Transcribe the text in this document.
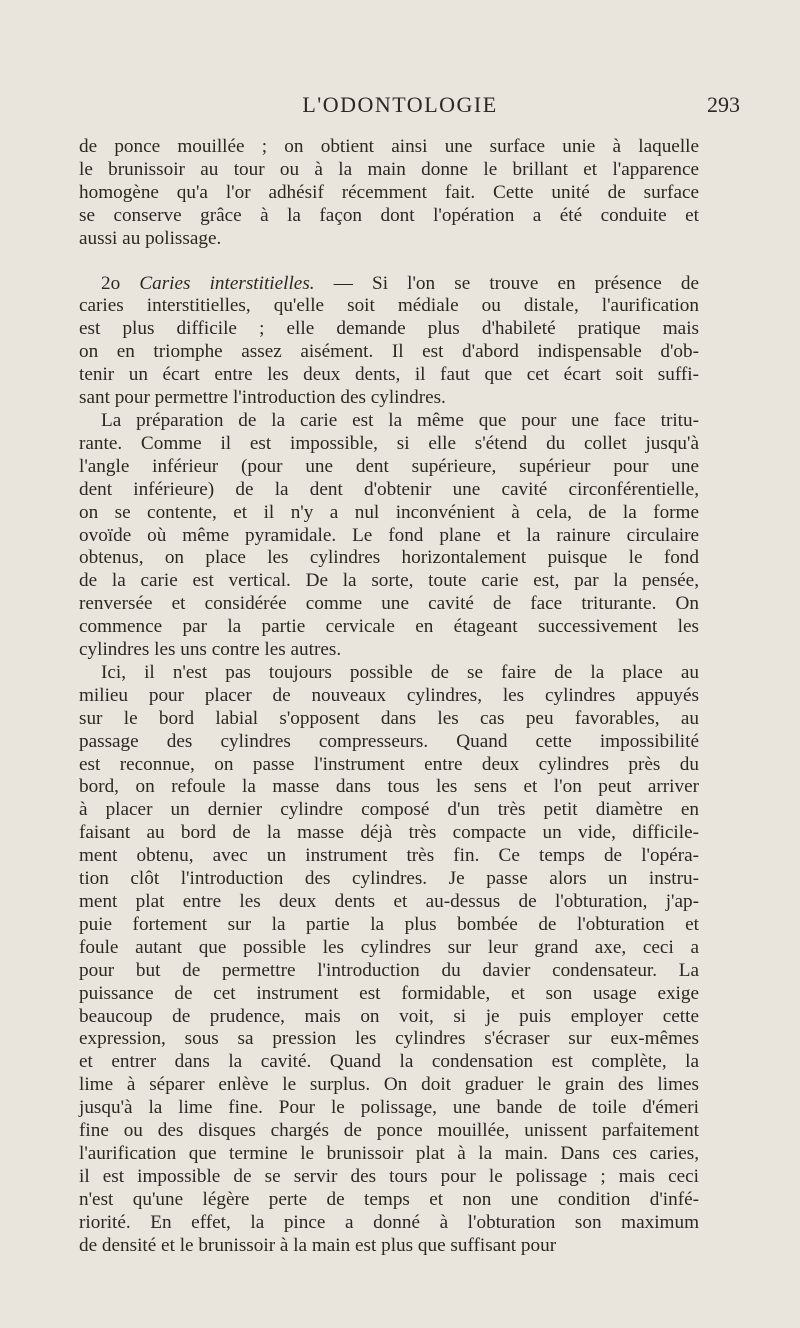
L'ODONTOLOGIE	293
de ponce mouillée ; on obtient ainsi une surface unie à laquelle
le brunissoir au tour ou à la main donne le brillant et l'apparence
homogène qu'a l'or adhésif récemment fait. Cette unité de surface
se conserve grâce à la façon dont l'opération a été conduite et
aussi au polissage.
2o Caries interstitielles. — Si l'on se trouve en présence de
caries interstitielles, qu'elle soit médiale ou distale, l'aurification
est plus difficile ; elle demande plus d'habileté pratique mais
on en triomphe assez aisément. Il est d'abord indispensable d'ob-
tenir un écart entre les deux dents, il faut que cet écart soit suffi-
sant pour permettre l'introduction des cylindres.
La préparation de la carie est la même que pour une face tritu-
rante. Comme il est impossible, si elle s'étend du collet jusqu'à
l'angle inférieur (pour une dent supérieure, supérieur pour une
dent inférieure) de la dent d'obtenir une cavité circonférentielle,
on se contente, et il n'y a nul inconvénient à cela, de la forme
ovoïde où même pyramidale. Le fond plane et la rainure circulaire
obtenus, on place les cylindres horizontalement puisque le fond
de la carie est vertical. De la sorte, toute carie est, par la pensée,
renversée et considérée comme une cavité de face triturante. On
commence par la partie cervicale en étageant successivement les
cylindres les uns contre les autres.
Ici, il n'est pas toujours possible de se faire de la place au
milieu pour placer de nouveaux cylindres, les cylindres appuyés
sur le bord labial s'opposent dans les cas peu favorables, au
passage des cylindres compresseurs. Quand cette impossibilité
est reconnue, on passe l'instrument entre deux cylindres près du
bord, on refoule la masse dans tous les sens et l'on peut arriver
à placer un dernier cylindre composé d'un très petit diamètre en
faisant au bord de la masse déjà très compacte un vide, difficile-
ment obtenu, avec un instrument très fin. Ce temps de l'opéra-
tion clôt l'introduction des cylindres. Je passe alors un instru-
ment plat entre les deux dents et au-dessus de l'obturation, j'ap-
puie fortement sur la partie la plus bombée de l'obturation et
foule autant que possible les cylindres sur leur grand axe, ceci a
pour but de permettre l'introduction du davier condensateur. La
puissance de cet instrument est formidable, et son usage exige
beaucoup de prudence, mais on voit, si je puis employer cette
expression, sous sa pression les cylindres s'écraser sur eux-mêmes
et entrer dans la cavité. Quand la condensation est complète, la
lime à séparer enlève le surplus. On doit graduer le grain des limes
jusqu'à la lime fine. Pour le polissage, une bande de toile d'émeri
fine ou des disques chargés de ponce mouillée, unissent parfaitement
l'aurification que termine le brunissoir plat à la main. Dans ces caries,
il est impossible de se servir des tours pour le polissage ; mais ceci
n'est qu'une légère perte de temps et non une condition d'infé-
riorité. En effet, la pince a donné à l'obturation son maximum
de densité et le brunissoir à la main est plus que suffisant pour
